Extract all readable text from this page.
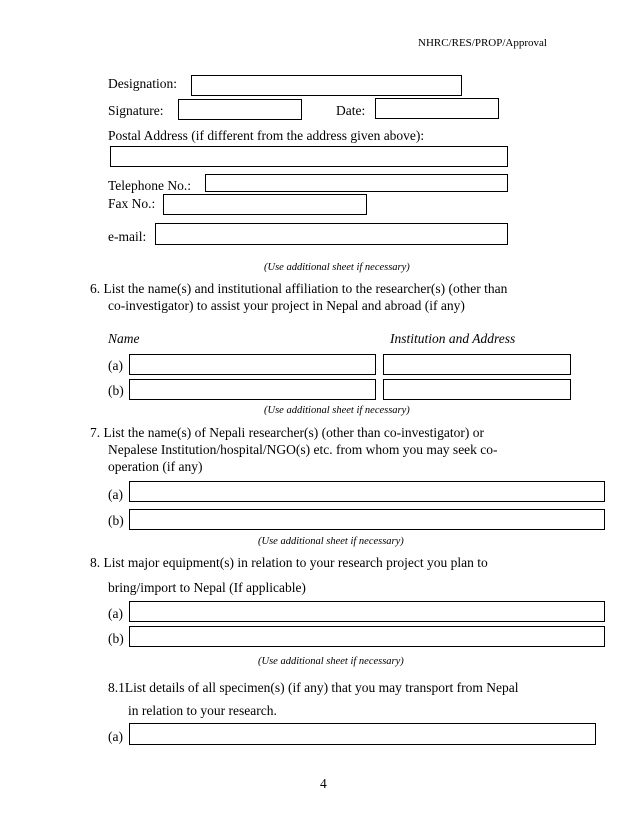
NHRC/RES/PROP/Approval
Designation:
Signature:	Date:
Postal Address (if different from the address given above):
Telephone No.:
Fax No.:
e-mail:
(Use additional sheet if necessary)
6. List the name(s) and institutional affiliation to the researcher(s) (other than
co-investigator) to assist your project in Nepal and abroad (if any)
Name	Institution and Address
(a)
(b)
(Use additional sheet if necessary)
7. List the name(s) of Nepali researcher(s) (other than co-investigator) or
Nepalese Institution/hospital/NGO(s) etc. from whom you may seek co-
operation (if any)
(a)
(b)
(Use additional sheet if necessary)
8. List major equipment(s) in relation to your research project you plan to
bring/import to Nepal (If applicable)
(a)
(b)
(Use additional sheet if necessary)
8.1List details of all specimen(s) (if any) that you may transport from Nepal
in relation to your research.
(a)
4
